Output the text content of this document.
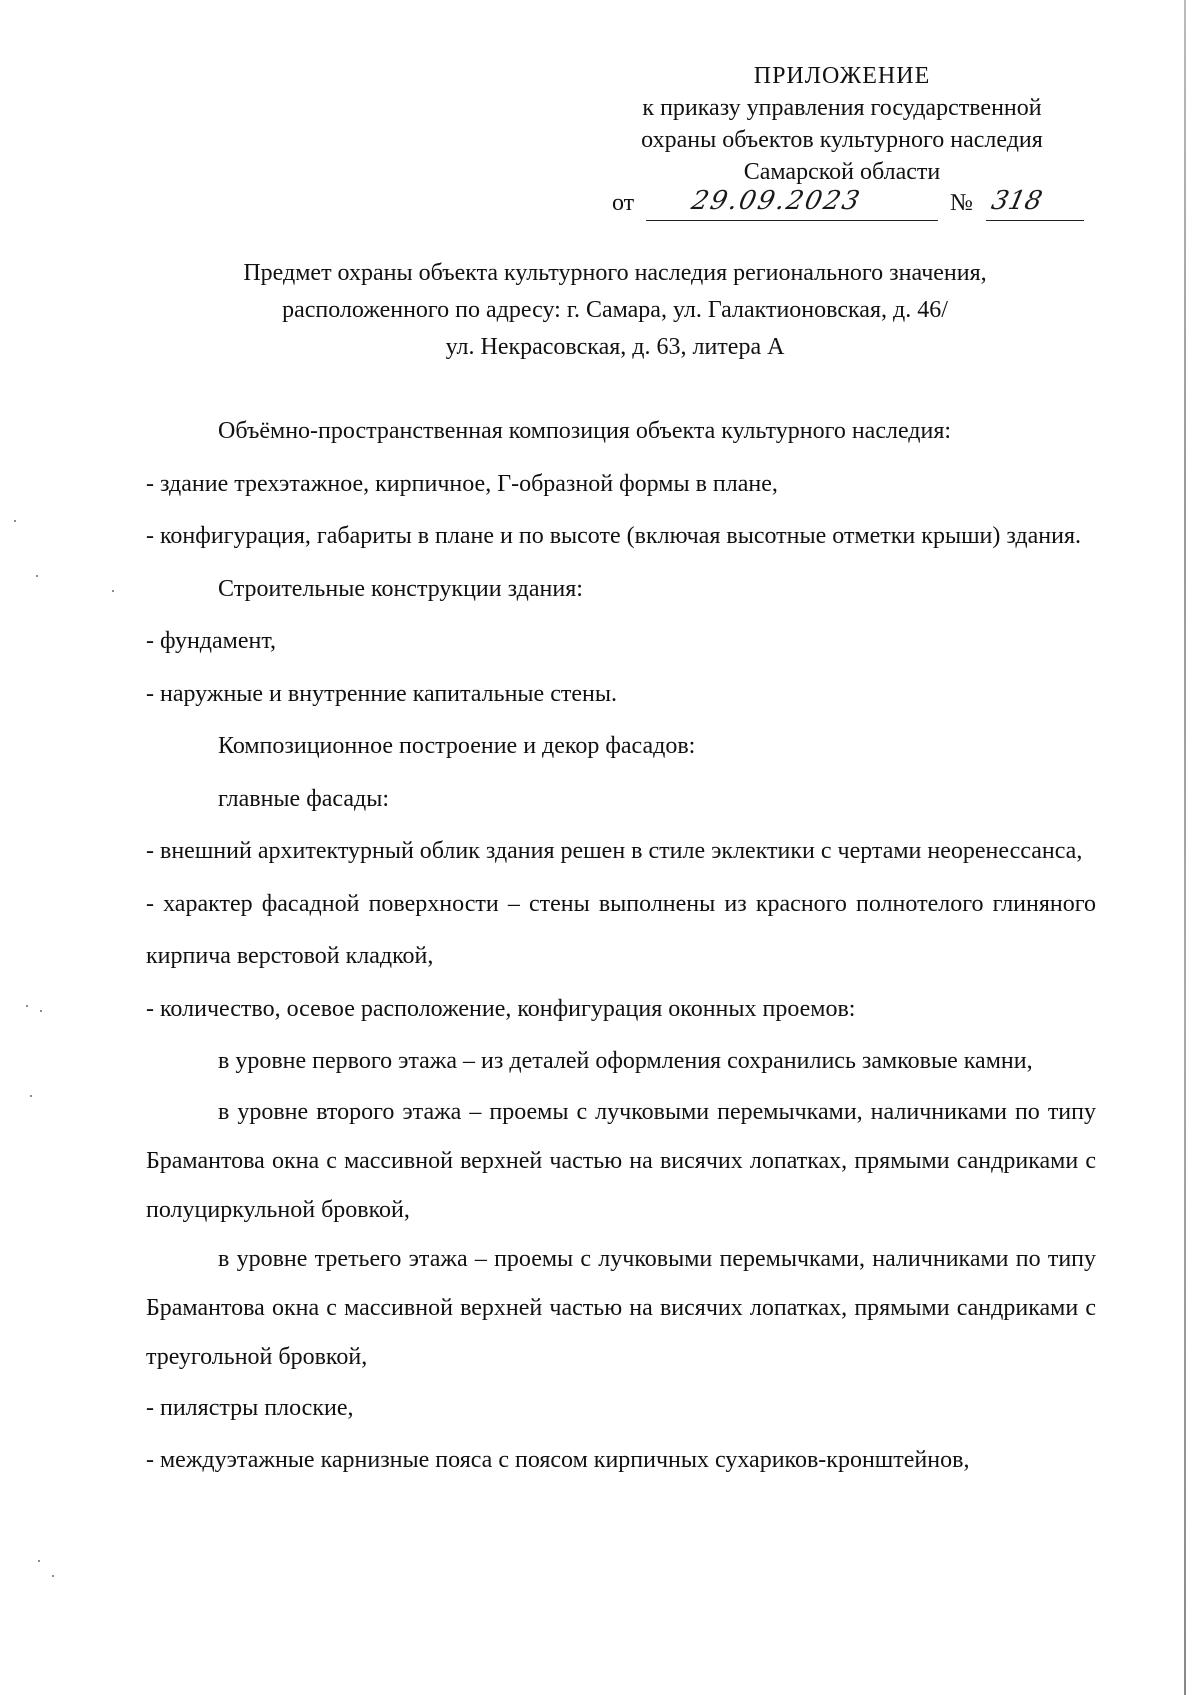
ПРИЛОЖЕНИЕ
к приказу управления государственной
охраны объектов культурного наследия
Самарской области
от 29.09.2023	№ 318
Предмет охраны объекта культурного наследия регионального значения,
расположенного по адресу: г. Самара, ул. Галактионовская, д. 46/
ул. Некрасовская, д. 63, литера А

Объёмно-пространственная композиция объекта культурного наследия:

- здание трехэтажное, кирпичное, Г-образной формы в плане,

- конфигурация, габариты в плане и по высоте (включая высотные отметки крыши) здания.

Строительные конструкции здания:

- фундамент,

- наружные и внутренние капитальные стены.

Композиционное построение и декор фасадов:

главные фасады:

- внешний архитектурный облик здания решен в стиле эклектики с чертами неоренессанса,

- характер фасадной поверхности – стены выполнены из красного полнотелого глиняного кирпича верстовой кладкой,

- количество, осевое расположение, конфигурация оконных проемов:

в уровне первого этажа – из деталей оформления сохранились замковые камни,

в уровне второго этажа – проемы с лучковыми перемычками, наличниками по типу Брамантова окна с массивной верхней частью на висячих лопатках, прямыми сандриками с полуциркульной бровкой,

в уровне третьего этажа – проемы с лучковыми перемычками, наличниками по типу Брамантова окна с массивной верхней частью на висячих лопатках, прямыми сандриками с треугольной бровкой,

- пилястры плоские,

- междуэтажные карнизные пояса с поясом кирпичных сухариков-кронштейнов,
